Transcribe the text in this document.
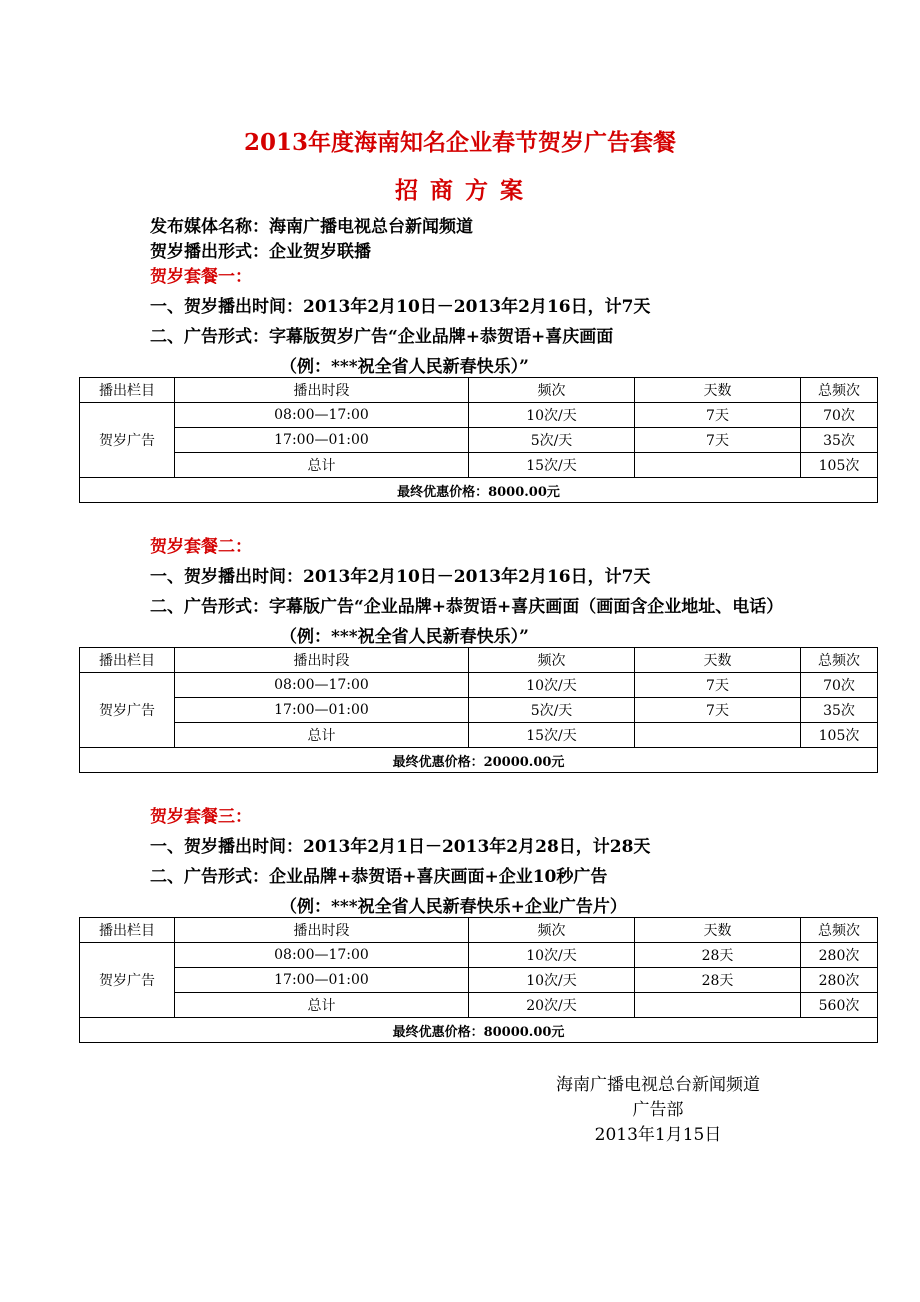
2013年度海南知名企业春节贺岁广告套餐
招 商 方 案
发布媒体名称：海南广播电视总台新闻频道
贺岁播出形式：企业贺岁联播
贺岁套餐一：
一、贺岁播出时间：2013年2月10日－2013年2月16日，计7天
二、广告形式：字幕版贺岁广告“企业品牌+恭贺语+喜庆画面
（例：***祝全省人民新春快乐）”
播出栏目	播出时段	频次	天数	总频次
贺岁广告	08:00—17:00	10次/天	7天	70次
	17:00—01:00	5次/天	7天	35次
	总计	15次/天		105次
最终优惠价格：8000.00元				
贺岁套餐二：
一、贺岁播出时间：2013年2月10日－2013年2月16日，计7天
二、广告形式：字幕版广告“企业品牌+恭贺语+喜庆画面（画面含企业地址、电话）
（例：***祝全省人民新春快乐）”
播出栏目	播出时段	频次	天数	总频次
贺岁广告	08:00—17:00	10次/天	7天	70次
	17:00—01:00	5次/天	7天	35次
	总计	15次/天		105次
最终优惠价格：20000.00元				
贺岁套餐三：
一、贺岁播出时间：2013年2月1日－2013年2月28日，计28天
二、广告形式：企业品牌+恭贺语+喜庆画面+企业10秒广告
（例：***祝全省人民新春快乐+企业广告片）
播出栏目	播出时段	频次	天数	总频次
贺岁广告	08:00—17:00	10次/天	28天	280次
	17:00—01:00	10次/天	28天	280次
	总计	20次/天		560次
最终优惠价格：80000.00元				
海南广播电视总台新闻频道
广告部
2013年1月15日
